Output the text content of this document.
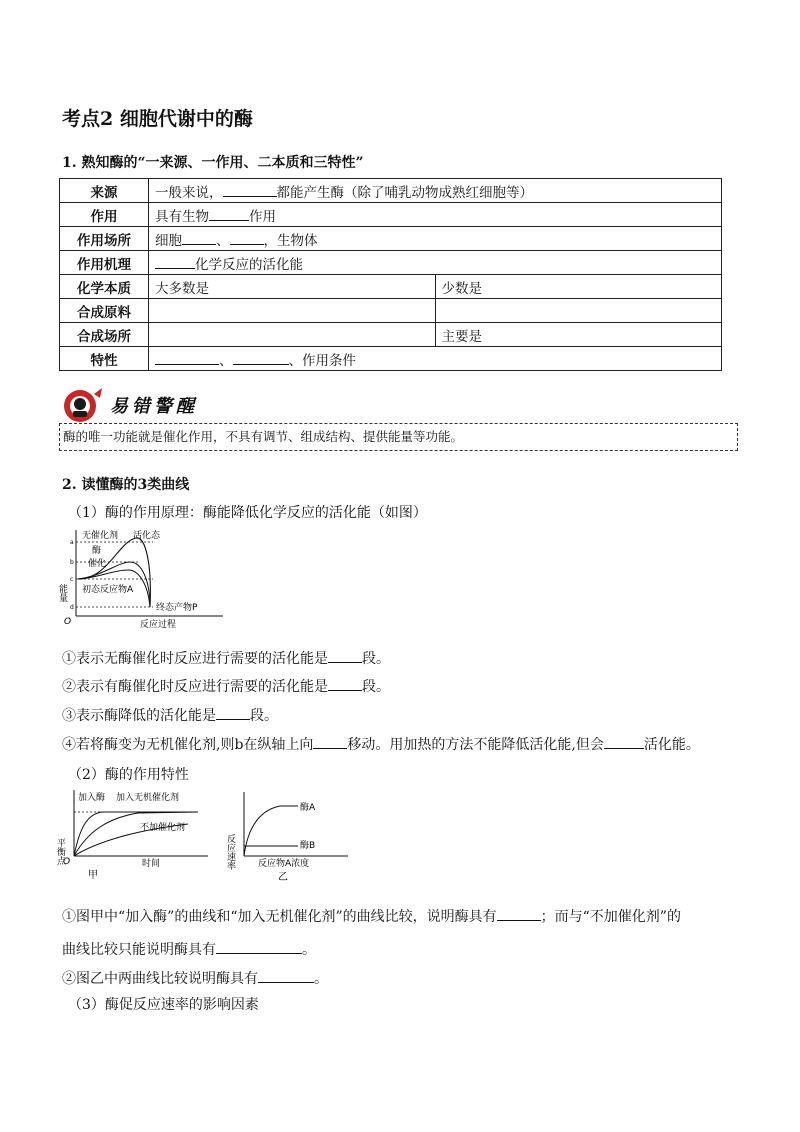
考点2 细胞代谢中的酶
1. 熟知酶的“一来源、一作用、二本质和三特性”
来源	一般来说， 都能产生酶（除了哺乳动物成熟红细胞等）	
作用	具有生物 作用	
作用场所	细胞 、 ，生物体	
作用机理	化学反应的活化能	
化学本质	大多数是	少数是
合成原料		
合成场所		主要是
特性	、 、作用条件	
易错警醒
酶的唯一功能就是催化作用，不具有调节、组成结构、提供能量等功能。
2. 读懂酶的3类曲线
（1）酶的作用原理：酶能降低化学反应的活化能（如图）
无催化剂 活化态
酶
催化
初态反应物A
终态产物P
能量
反应过程
O
a
b
c
d
①表示无酶催化时反应进行需要的活化能是 段。
②表示有酶催化时反应进行需要的活化能是 段。
③表示酶降低的活化能是 段。
④若将酶变为无机催化剂,则b在纵轴上向 移动。用加热的方法不能降低活化能,但会	活化能。
（2）酶的作用特性
加入酶 加入无机催化剂
不加催化剂
平衡点	时间
O
甲
酶A
酶B
反应速率	反应物A浓度
乙
①图甲中“加入酶”的曲线和“加入无机催化剂”的曲线比较，说明酶具有	；而与“不加催化剂”的
曲线比较只能说明酶具有	。
②图乙中两曲线比较说明酶具有	。
（3）酶促反应速率的影响因素
